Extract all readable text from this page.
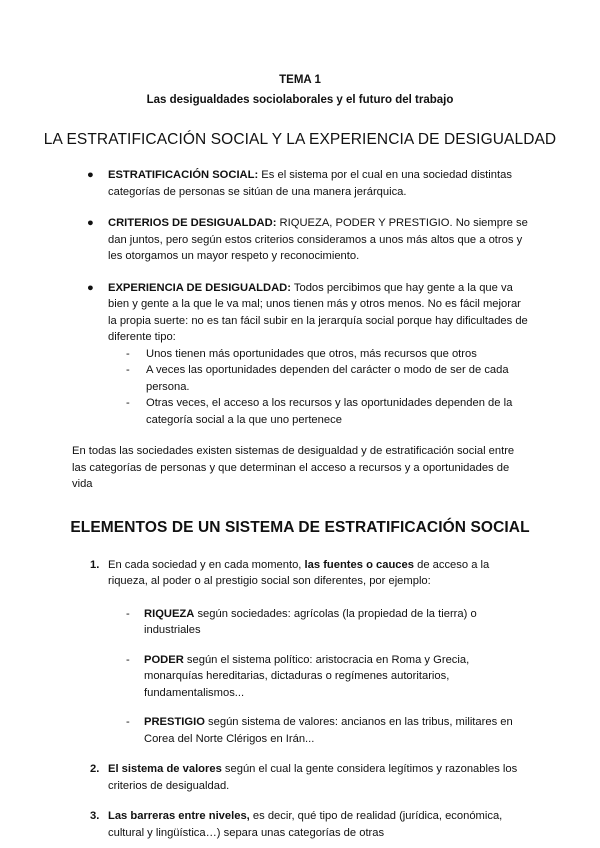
TEMA 1

Las desigualdades sociolaborales y el futuro del trabajo

LA ESTRATIFICACIÓN SOCIAL Y LA EXPERIENCIA DE DESIGUALDAD
● ESTRATIFICACIÓN SOCIAL: Es el sistema por el cual en una sociedad distintas categorías de personas se sitúan de una manera jerárquica.
● CRITERIOS DE DESIGUALDAD: RIQUEZA, PODER Y PRESTIGIO. No siempre se dan juntos, pero según estos criterios consideramos a unos más altos que a otros y les otorgamos un mayor respeto y reconocimiento.
● EXPERIENCIA DE DESIGUALDAD: Todos percibimos que hay gente a la que va bien y gente a la que le va mal; unos tienen más y otros menos. No es fácil mejorar la propia suerte: no es tan fácil subir en la jerarquía social porque hay dificultades de diferente tipo:
- Unos tienen más oportunidades que otros, más recursos que otros
- A veces las oportunidades dependen del carácter o modo de ser de cada persona.
- Otras veces, el acceso a los recursos y las oportunidades dependen de la categoría social a la que uno pertenece

En todas las sociedades existen sistemas de desigualdad y de estratificación social entre las categorías de personas y que determinan el acceso a recursos y a oportunidades de vida

ELEMENTOS DE UN SISTEMA DE ESTRATIFICACIÓN SOCIAL
1. En cada sociedad y en cada momento, las fuentes o cauces de acceso a la riqueza, al poder o al prestigio social son diferentes, por ejemplo:
- RIQUEZA según sociedades: agrícolas (la propiedad de la tierra) o industriales
- PODER según el sistema político: aristocracia en Roma y Grecia, monarquías hereditarias, dictaduras o regímenes autoritarios, fundamentalismos...
- PRESTIGIO según sistema de valores: ancianos en las tribus, militares en Corea del Norte Clérigos en Irán...
2. El sistema de valores según el cual la gente considera legítimos y razonables los criterios de desigualdad.
3. Las barreras entre niveles, es decir, qué tipo de realidad (jurídica, económica, cultural y lingüística…) separa unas categorías de otras
